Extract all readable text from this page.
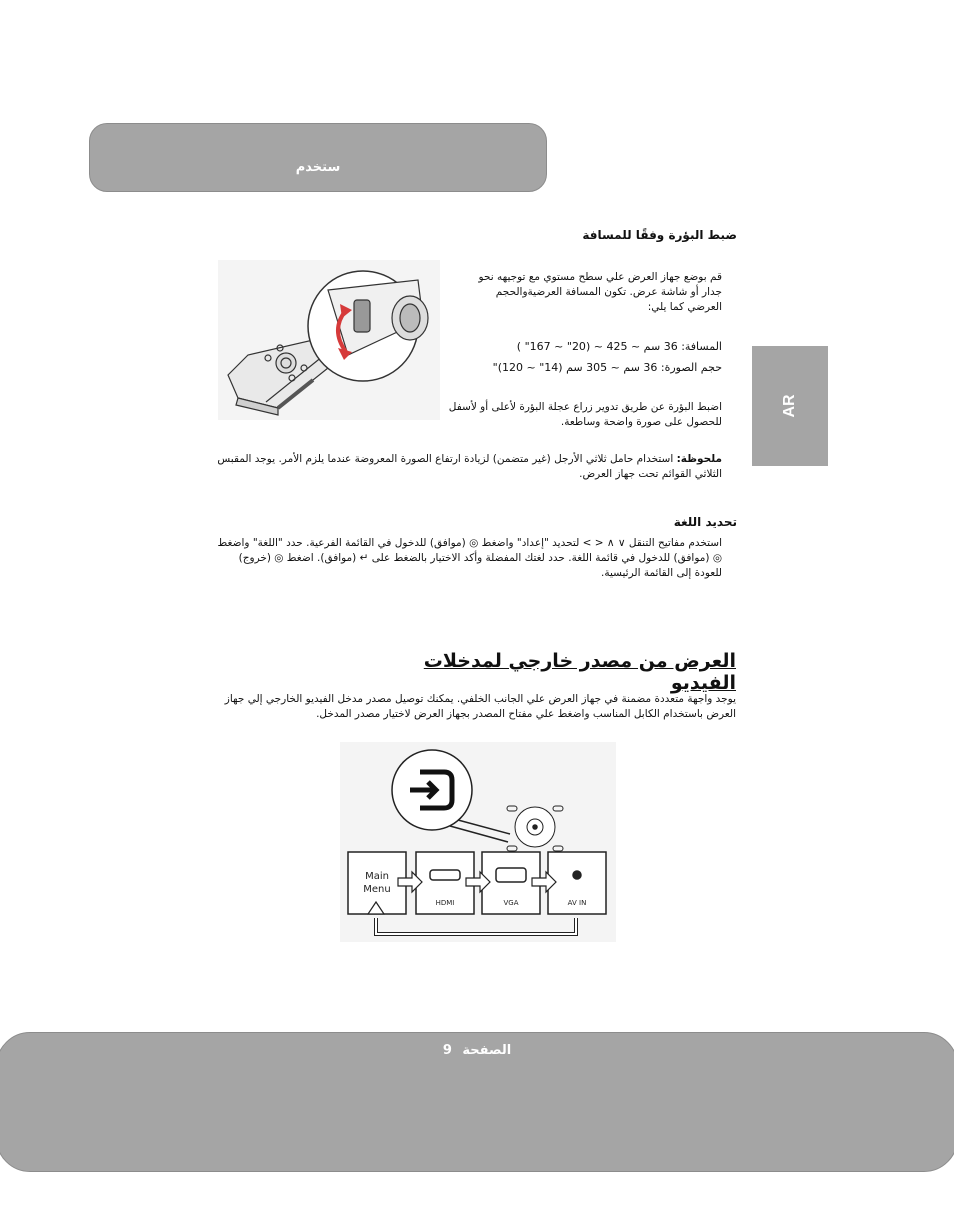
ستخدم
AR
ضبط البؤرة وفقًا للمسافة

قم بوضع جهاز العرض علي سطح مستوي مع توجيهه نحو جدار أو شاشة عرض. تكون المسافة العرضيةوالحجم العرضي كما يلي:

المسافة: 36 سم ~ 425 ~ (20" ~ 167" )

حجم الصورة: 36 سم ~ 305 سم (14" ~ 120)"

اضبط البؤرة عن طريق تدوير زراع عجلة البؤرة لأعلى أو لأسفل للحصول على صورة واضحة وساطعة.

ملحوظة: استخدام حامل ثلاثي الأرجل (غير متضمن) لزيادة ارتفاع الصورة المعروضة عندما يلزم الأمر. يوجد المقبس الثلاثي القوائم تحت جهاز العرض.

تحديد اللغة

استخدم مفاتيح التنقل ∨ ∧ < > لتحديد "إعداد" واضغط ◎ (موافق) للدخول في القائمة الفرعية. حدد "اللغة" واضغط ◎ (موافق) للدخول في قائمة اللغة. حدد لغتك المفضلة وأكد الاختيار بالضغط على ↵ (موافق). اضغط ◎ (خروج) للعودة إلى القائمة الرئيسية.

العرض من مصدر خارجي لمدخلات الفيديو

يوجد واجهة متعددة مضمنة في جهاز العرض علي الجانب الخلفي. يمكنك توصيل مصدر مدخل الفيديو الخارجي إلي جهاز العرض باستخدام الكابل المناسب واضغط علي مفتاح المصدر بجهاز العرض لاختيار مصدر المدخل.

Main
Menu
HDMI	VGA	AV IN
الصفحة 9
